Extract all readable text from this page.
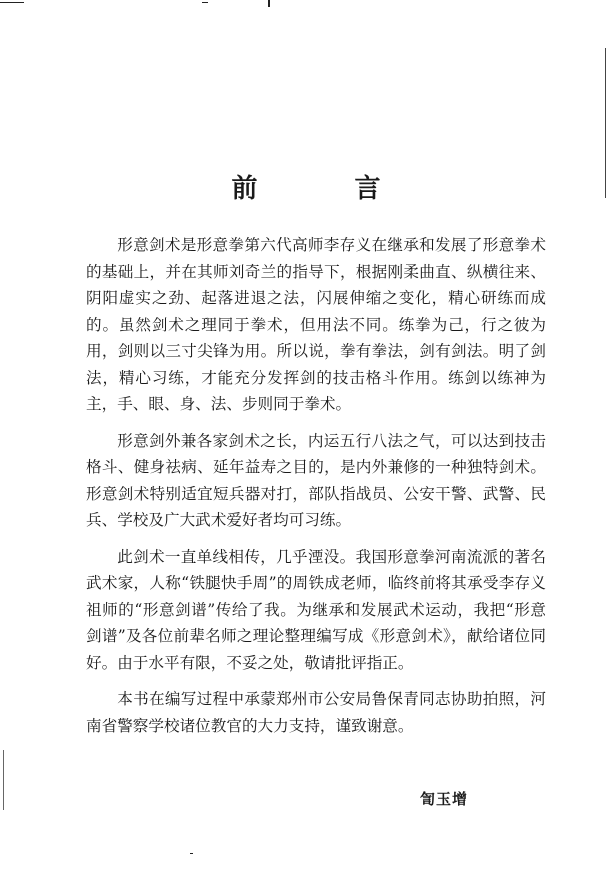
前 言

形意剑术是形意拳第六代高师李存义在继承和发展了形意拳术的基础上，并在其师刘奇兰的指导下，根据刚柔曲直、纵横往来、阴阳虚实之劲、起落进退之法，闪展伸缩之变化，精心研练而成的。虽然剑术之理同于拳术，但用法不同。练拳为己，行之彼为用，剑则以三寸尖锋为用。所以说，拳有拳法，剑有剑法。明了剑法，精心习练，才能充分发挥剑的技击格斗作用。练剑以练神为主，手、眼、身、法、步则同于拳术。

形意剑外兼各家剑术之长，内运五行八法之气，可以达到技击格斗、健身祛病、延年益寿之目的，是内外兼修的一种独特剑术。形意剑术特别适宜短兵器对打，部队指战员、公安干警、武警、民兵、学校及广大武术爱好者均可习练。

此剑术一直单线相传，几乎湮没。我国形意拳河南流派的著名武术家，人称“铁腿快手周”的周铁成老师，临终前将其承受李存义祖师的“形意剑谱”传给了我。为继承和发展武术运动，我把“形意剑谱”及各位前辈名师之理论整理编写成《形意剑术》，献给诸位同好。由于水平有限，不妥之处，敬请批评指正。

本书在编写过程中承蒙郑州市公安局鲁保青同志协助拍照，河南省警察学校诸位教官的大力支持，谨致谢意。

訇玉增
